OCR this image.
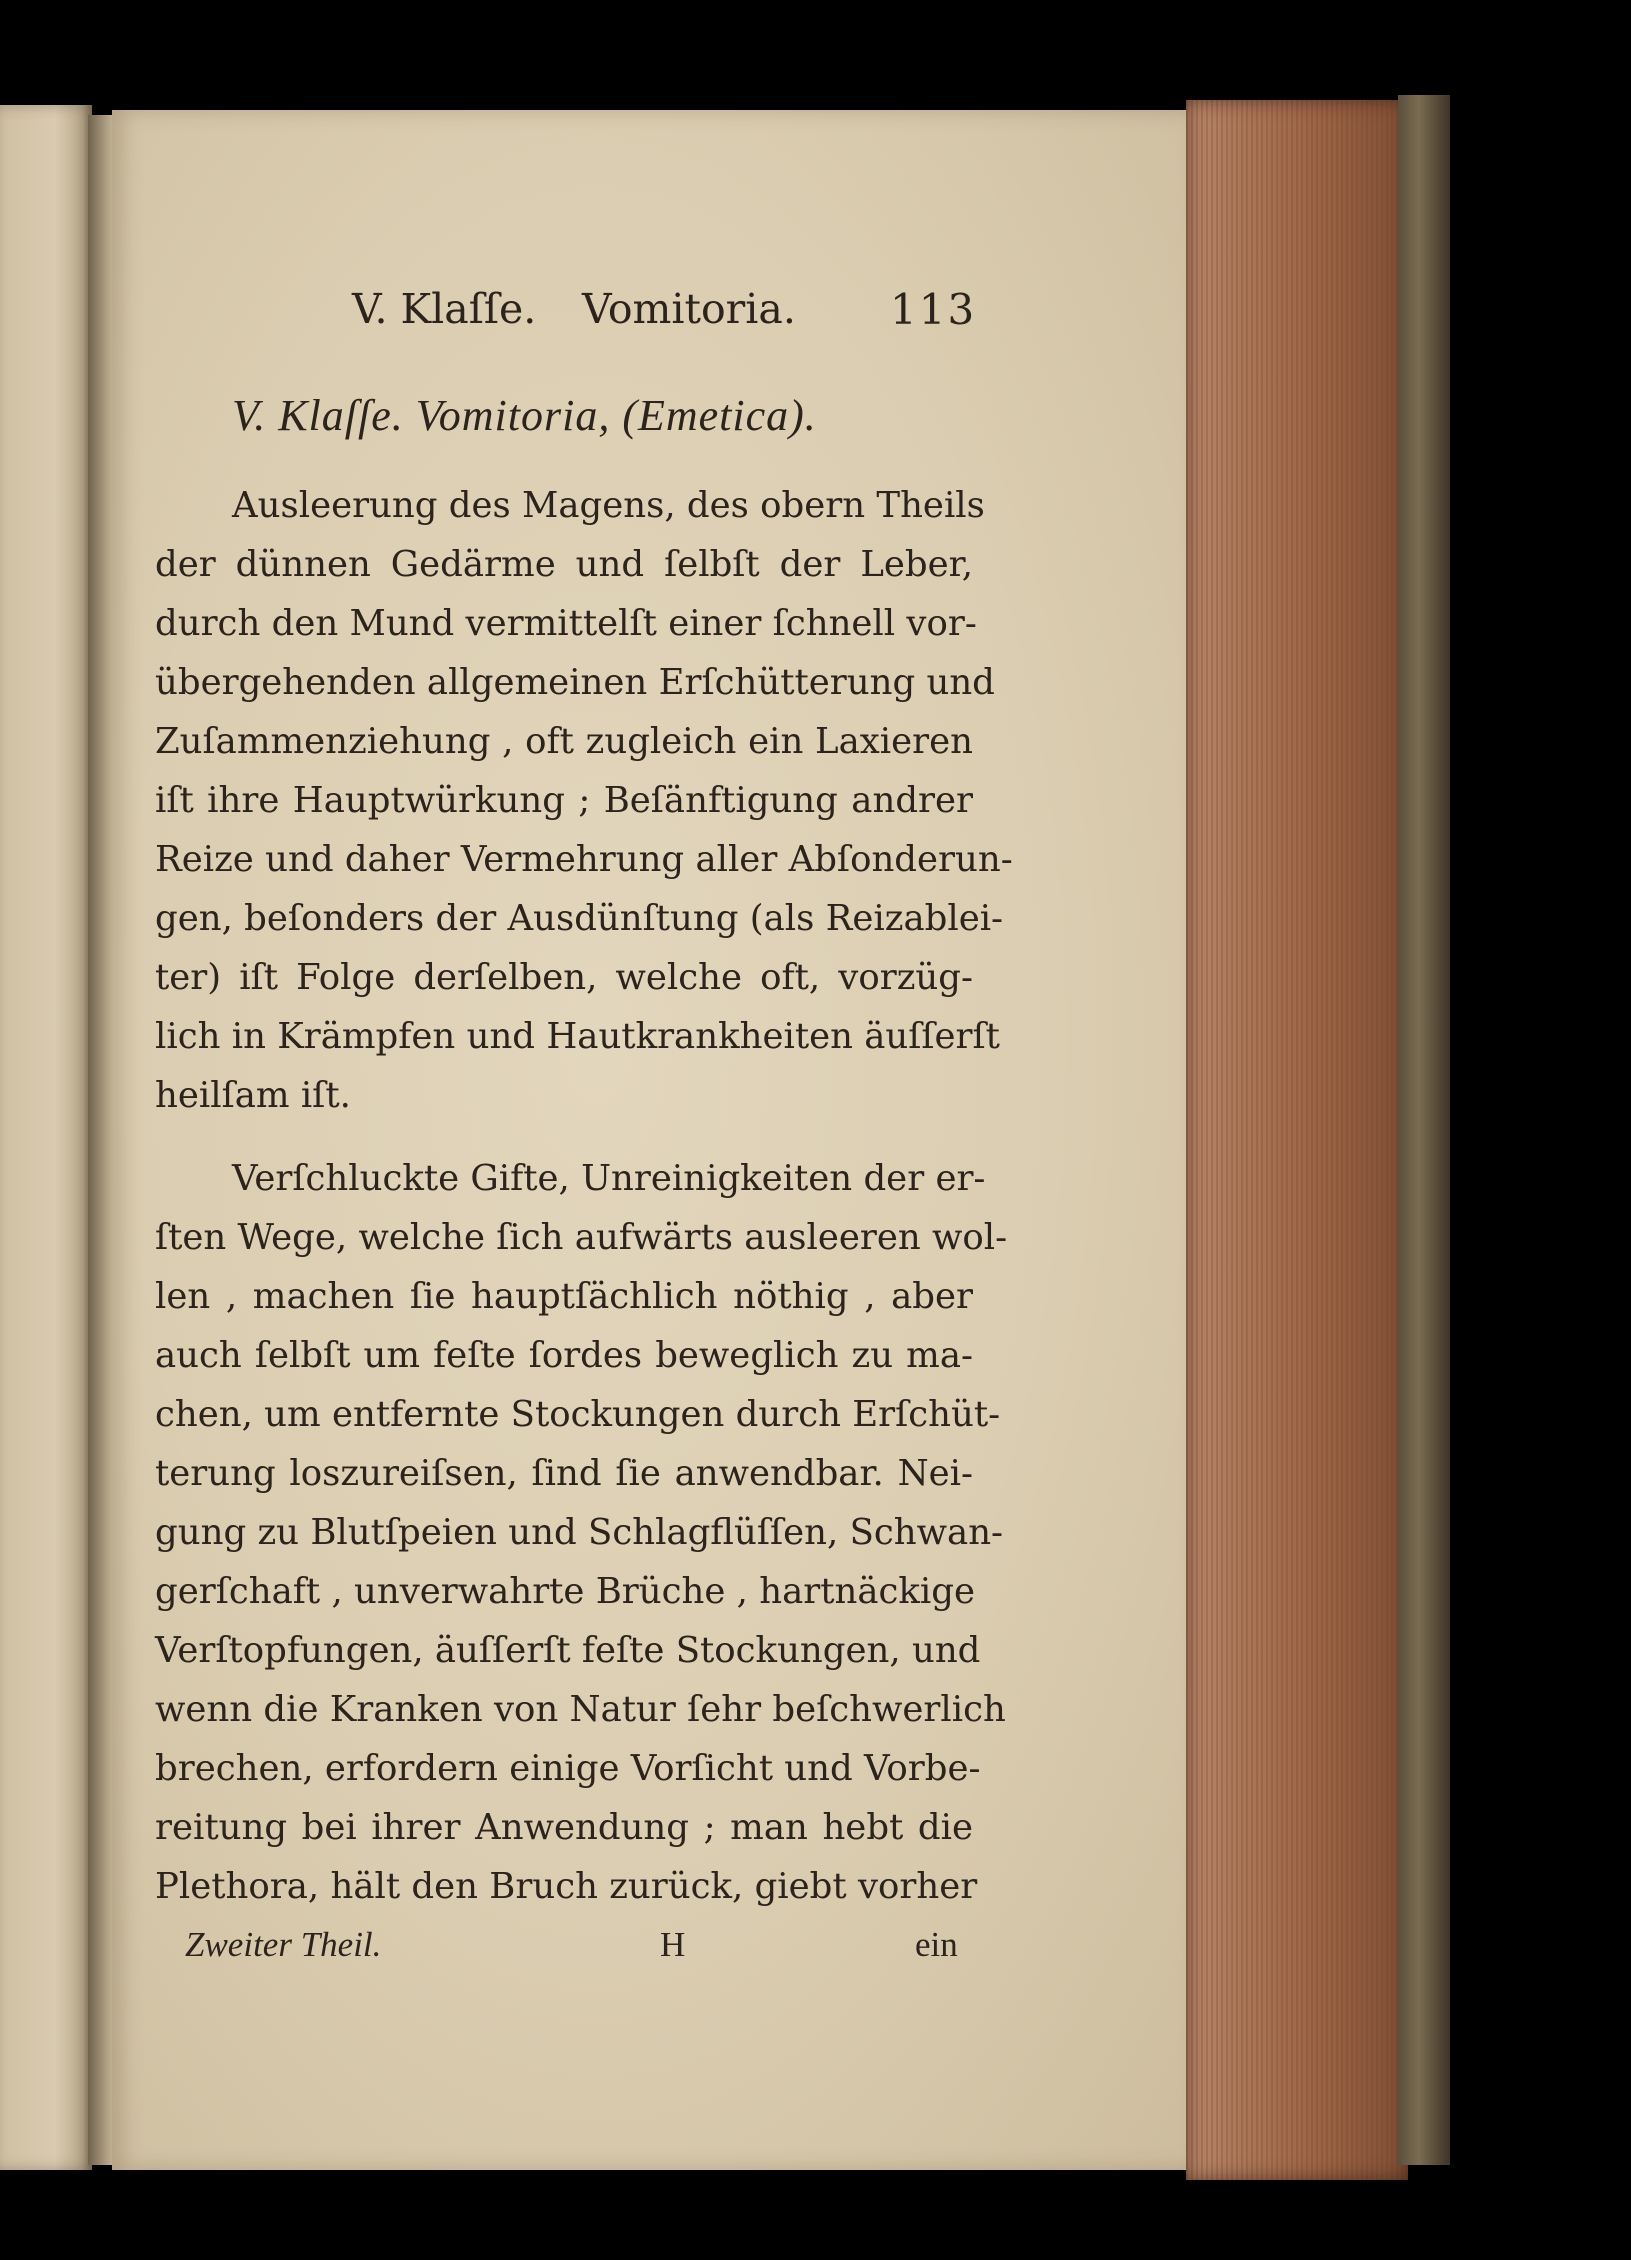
V. Klaſſe. Vomitoria. 113
V. Klaſſe. Vomitoria, (Emetica).
Ausleerung des Magens, des obern Theils
der dünnen Gedärme und ſelbſt der Leber,
durch den Mund vermittelſt einer ſchnell vor-
übergehenden allgemeinen Erſchütterung und
Zuſammenziehung , oft zugleich ein Laxieren
iſt ihre Hauptwürkung ; Beſänftigung andrer
Reize und daher Vermehrung aller Abſonderun-
gen, beſonders der Ausdünſtung (als Reizablei-
ter) iſt Folge derſelben, welche oft, vorzüg-
lich in Krämpfen und Hautkrankheiten äuſſerſt
heilſam iſt.
Verſchluckte Gifte, Unreinigkeiten der er-
ſten Wege, welche ſich aufwärts ausleeren wol-
len , machen ſie hauptſächlich nöthig , aber
auch ſelbſt um feſte ſordes beweglich zu ma-
chen, um entfernte Stockungen durch Erſchüt-
terung loszureiſsen, ſind ſie anwendbar. Nei-
gung zu Blutſpeien und Schlagflüſſen, Schwan-
gerſchaft , unverwahrte Brüche , hartnäckige
Verſtopfungen, äuſſerſt feſte Stockungen, und
wenn die Kranken von Natur ſehr beſchwerlich
brechen, erfordern einige Vorſicht und Vorbe-
reitung bei ihrer Anwendung ; man hebt die
Plethora, hält den Bruch zurück, giebt vorher
Zweiter Theil.	H	ein
